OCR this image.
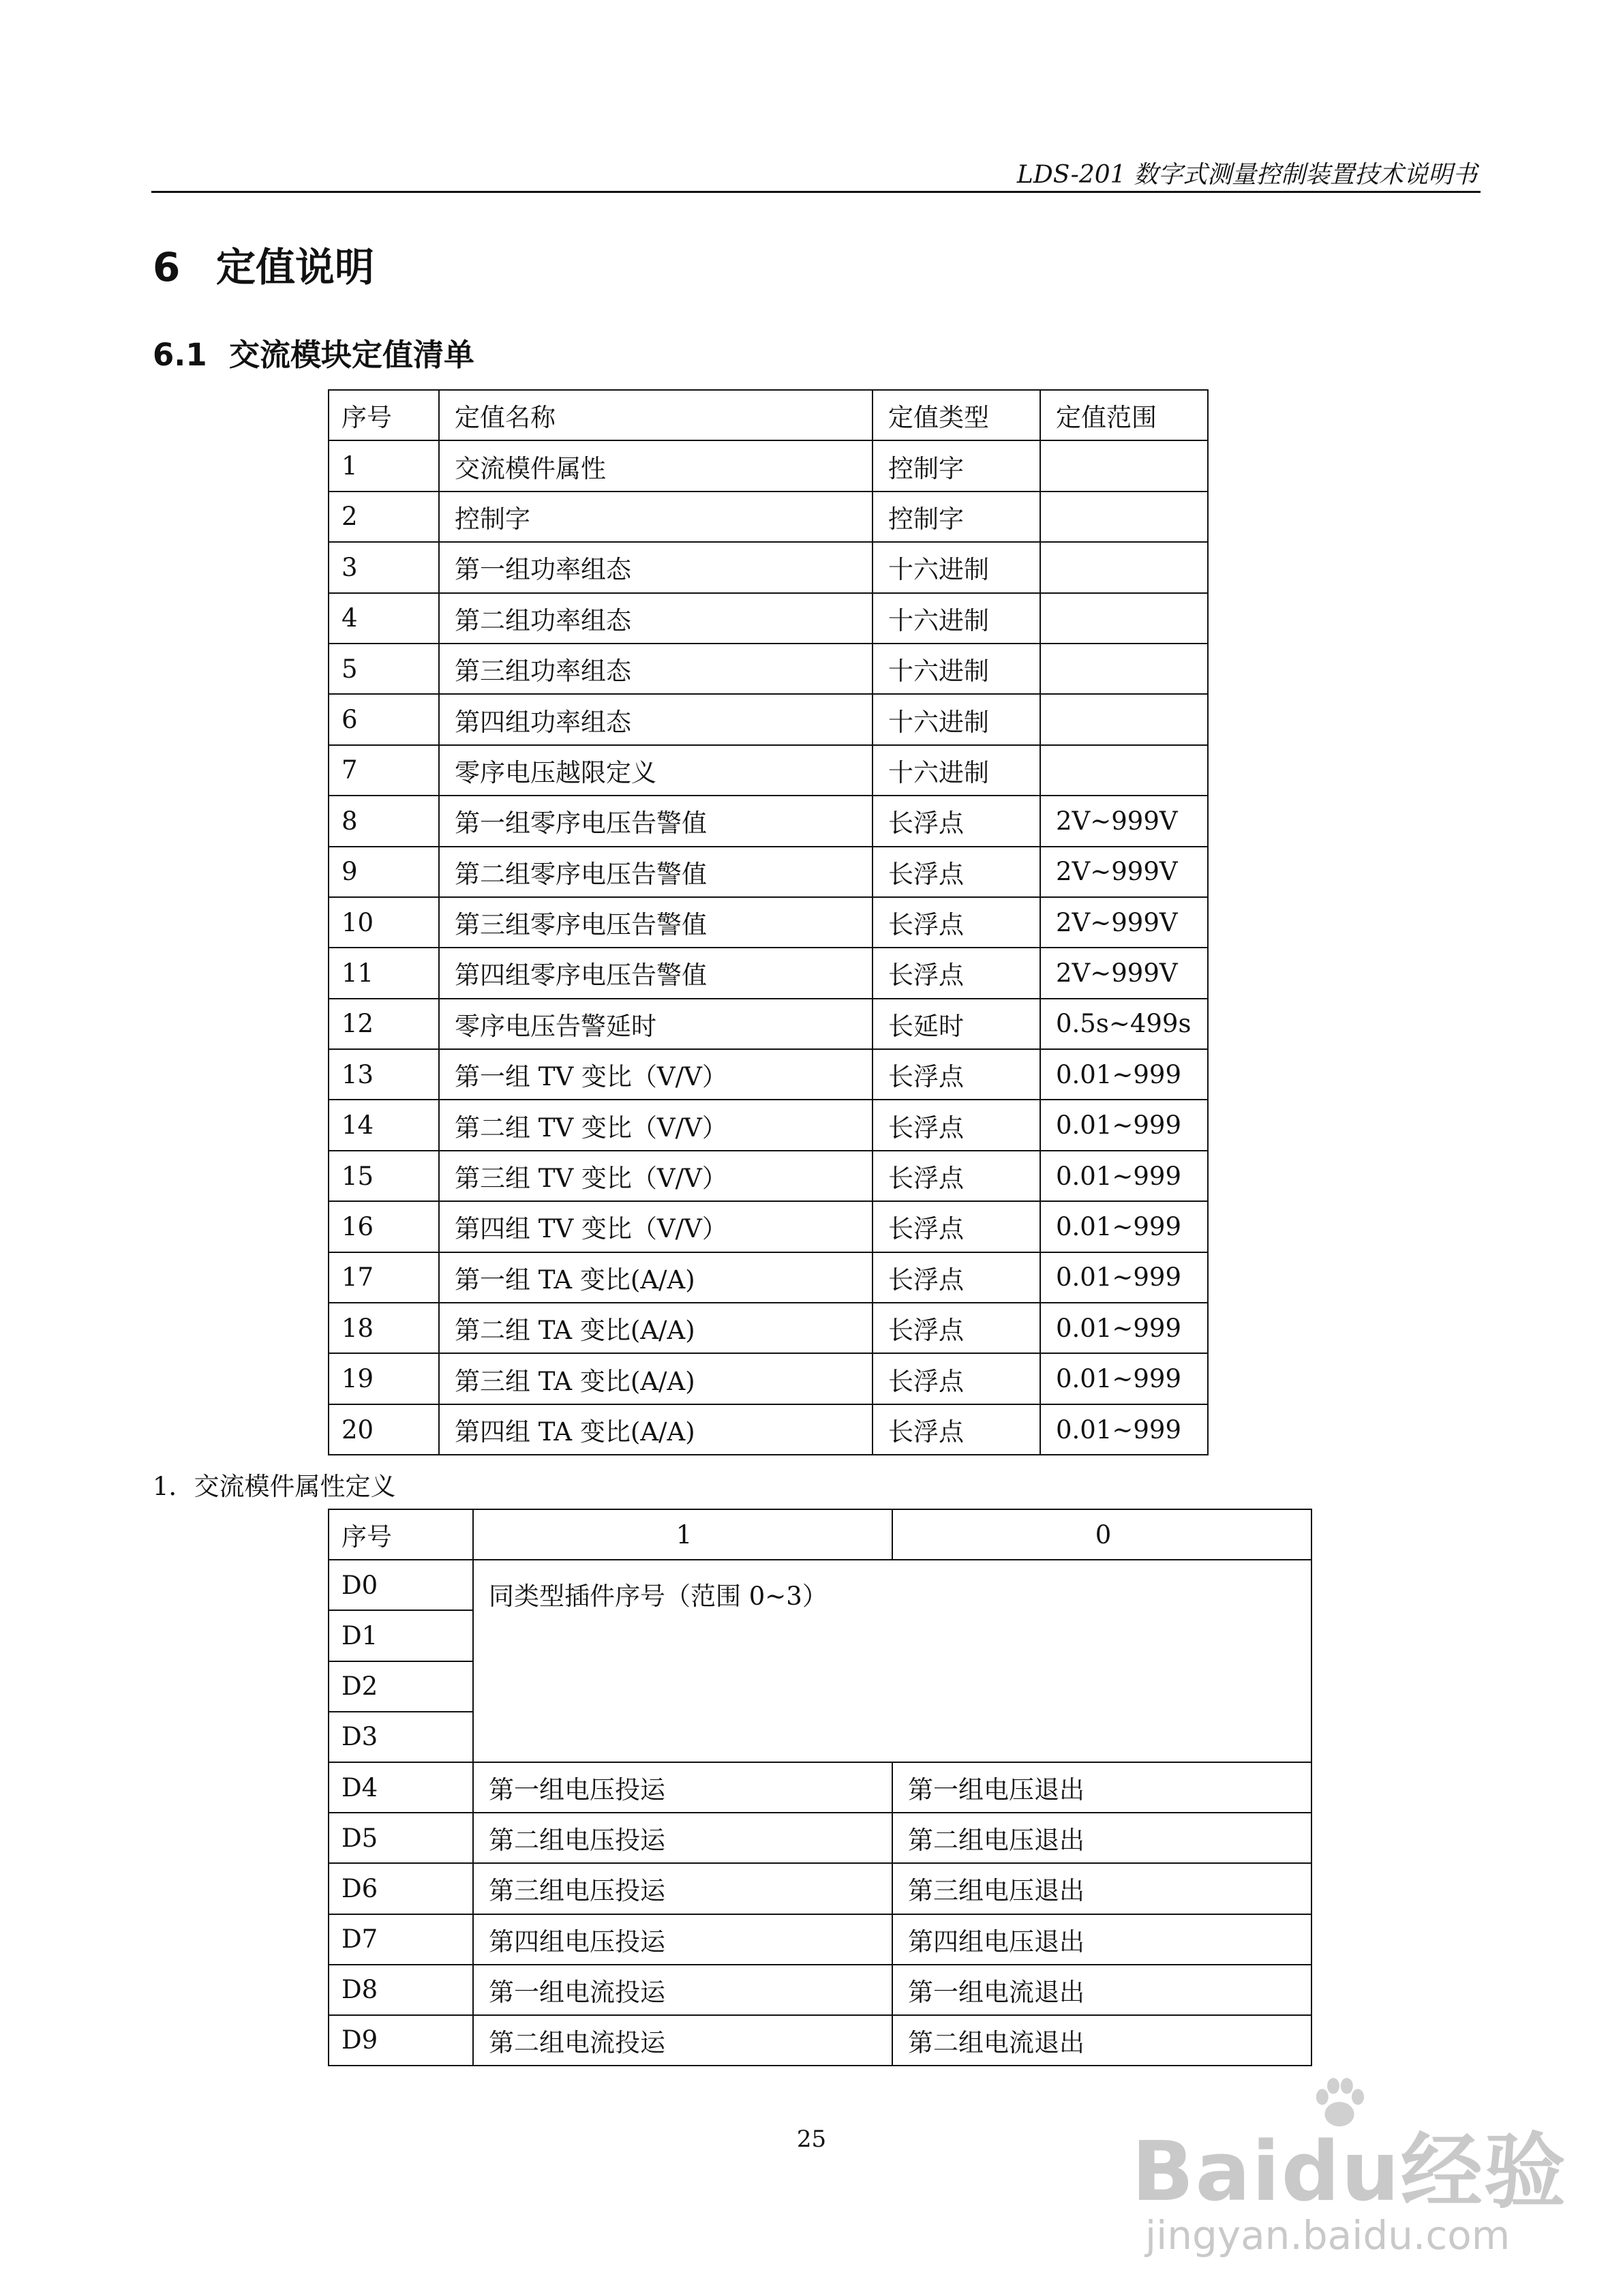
LDS-201 数字式测量控制装置技术说明书
6 定值说明
6.1 交流模块定值清单
序号	定值名称	定值类型	定值范围
1	交流模件属性	控制字	
2	控制字	控制字	
3	第一组功率组态	十六进制	
4	第二组功率组态	十六进制	
5	第三组功率组态	十六进制	
6	第四组功率组态	十六进制	
7	零序电压越限定义	十六进制	
8	第一组零序电压告警值	长浮点	2V~999V
9	第二组零序电压告警值	长浮点	2V~999V
10	第三组零序电压告警值	长浮点	2V~999V
11	第四组零序电压告警值	长浮点	2V~999V
12	零序电压告警延时	长延时	0.5s~499s
13	第一组 TV 变比（V/V）	长浮点	0.01~999
14	第二组 TV 变比（V/V）	长浮点	0.01~999
15	第三组 TV 变比（V/V）	长浮点	0.01~999
16	第四组 TV 变比（V/V）	长浮点	0.01~999
17	第一组 TA 变比(A/A)	长浮点	0.01~999
18	第二组 TA 变比(A/A)	长浮点	0.01~999
19	第三组 TA 变比(A/A)	长浮点	0.01~999
20	第四组 TA 变比(A/A)	长浮点	0.01~999
1．交流模件属性定义
序号	1	0
D0	同类型插件序号（范围 0~3）	
D1		
D2		
D3		
D4	第一组电压投运	第一组电压退出
D5	第二组电压投运	第二组电压退出
D6	第三组电压投运	第三组电压退出
D7	第四组电压投运	第四组电压退出
D8	第一组电流投运	第一组电流退出
D9	第二组电流投运	第二组电流退出
25	Baidu经验
jingyan.baidu.com
